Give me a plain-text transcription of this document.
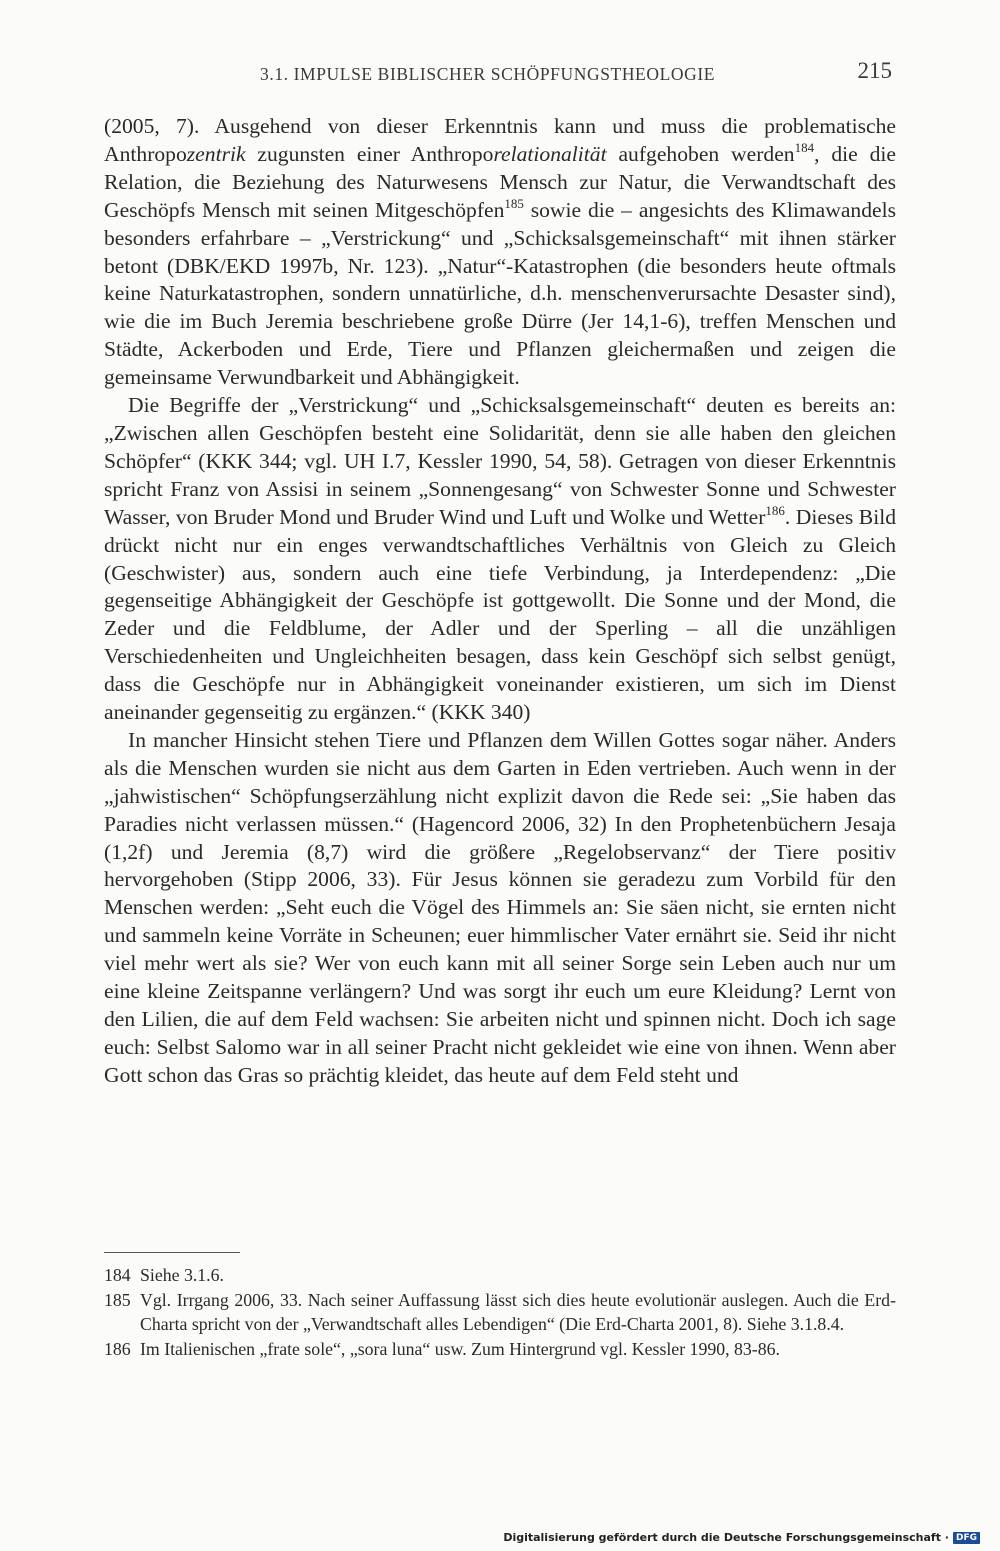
3.1. IMPULSE BIBLISCHER SCHÖPFUNGSTHEOLOGIE	215

(2005, 7). Ausgehend von dieser Erkenntnis kann und muss die problematische Anthropozentrik zugunsten einer Anthroporelationalität aufgehoben werden$^{184}$, die die Relation, die Beziehung des Naturwesens Mensch zur Natur, die Verwandtschaft des Geschöpfs Mensch mit seinen Mitgeschöpfen$^{185}$ sowie die – angesichts des Klimawandels besonders erfahrbare – „Verstrickung“ und „Schicksalsgemeinschaft“ mit ihnen stärker betont (DBK/EKD 1997b, Nr. 123). „Natur“-Katastrophen (die besonders heute oftmals keine Naturkatastrophen, sondern unnatürliche, d.h. menschenverursachte Desaster sind), wie die im Buch Jeremia beschriebene große Dürre (Jer 14,1-6), treffen Menschen und Städte, Ackerboden und Erde, Tiere und Pflanzen gleichermaßen und zeigen die gemeinsame Verwundbarkeit und Abhängigkeit.

Die Begriffe der „Verstrickung“ und „Schicksalsgemeinschaft“ deuten es bereits an: „Zwischen allen Geschöpfen besteht eine Solidarität, denn sie alle haben den gleichen Schöpfer“ (KKK 344; vgl. UH I.7, Kessler 1990, 54, 58). Getragen von dieser Erkenntnis spricht Franz von Assisi in seinem „Sonnengesang“ von Schwester Sonne und Schwester Wasser, von Bruder Mond und Bruder Wind und Luft und Wolke und Wetter$^{186}$. Dieses Bild drückt nicht nur ein enges verwandtschaftliches Verhältnis von Gleich zu Gleich (Geschwister) aus, sondern auch eine tiefe Verbindung, ja Interdependenz: „Die gegenseitige Abhängigkeit der Geschöpfe ist gottgewollt. Die Sonne und der Mond, die Zeder und die Feldblume, der Adler und der Sperling – all die unzähligen Verschiedenheiten und Ungleichheiten besagen, dass kein Geschöpf sich selbst genügt, dass die Geschöpfe nur in Abhängigkeit voneinander existieren, um sich im Dienst aneinander gegenseitig zu ergänzen.“ (KKK 340)

In mancher Hinsicht stehen Tiere und Pflanzen dem Willen Gottes sogar näher. Anders als die Menschen wurden sie nicht aus dem Garten in Eden vertrieben. Auch wenn in der „jahwistischen“ Schöpfungserzählung nicht explizit davon die Rede sei: „Sie haben das Paradies nicht verlassen müssen.“ (Hagencord 2006, 32) In den Prophetenbüchern Jesaja (1,2f) und Jeremia (8,7) wird die größere „Regelobservanz“ der Tiere positiv hervorgehoben (Stipp 2006, 33). Für Jesus können sie geradezu zum Vorbild für den Menschen werden: „Seht euch die Vögel des Himmels an: Sie säen nicht, sie ernten nicht und sammeln keine Vorräte in Scheunen; euer himmlischer Vater ernährt sie. Seid ihr nicht viel mehr wert als sie? Wer von euch kann mit all seiner Sorge sein Leben auch nur um eine kleine Zeitspanne verlängern? Und was sorgt ihr euch um eure Kleidung? Lernt von den Lilien, die auf dem Feld wachsen: Sie arbeiten nicht und spinnen nicht. Doch ich sage euch: Selbst Salomo war in all seiner Pracht nicht gekleidet wie eine von ihnen. Wenn aber Gott schon das Gras so prächtig kleidet, das heute auf dem Feld steht und

184 Siehe 3.1.6.
185 Vgl. Irrgang 2006, 33. Nach seiner Auffassung lässt sich dies heute evolutionär auslegen. Auch die Erd-Charta spricht von der „Verwandtschaft alles Lebendigen“ (Die Erd-Charta 2001, 8). Siehe 3.1.8.4.
186 Im Italienischen „frate sole“, „sora luna“ usw. Zum Hintergrund vgl. Kessler 1990, 83-86.
Digitalisierung gefördert durch die Deutsche Forschungsgemeinschaft · DFG
